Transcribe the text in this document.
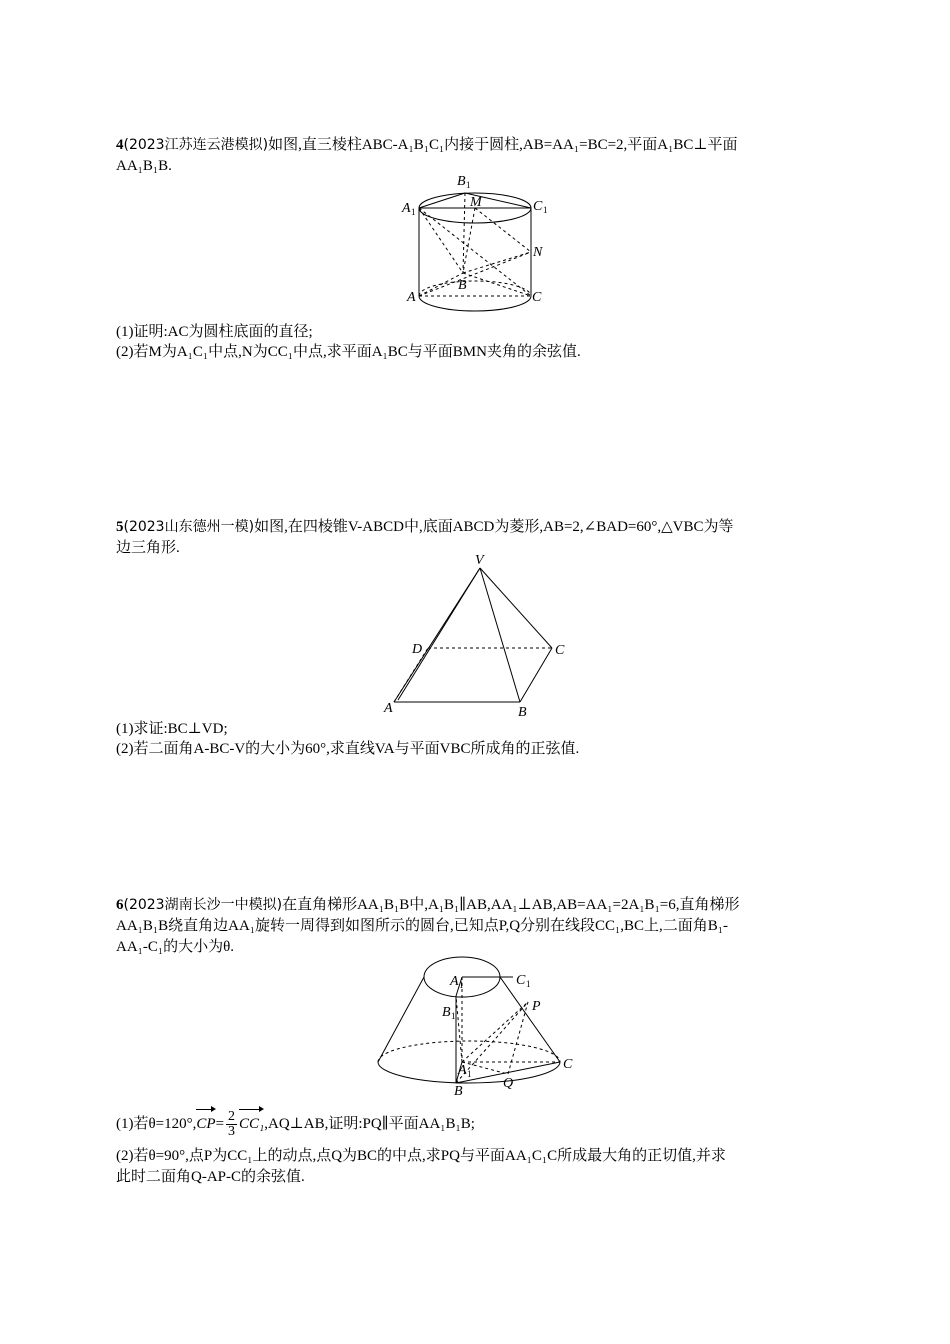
4(2023江苏连云港模拟)如图,直三棱柱ABC-A₁B₁C₁内接于圆柱,AB=AA₁=BC=2,平面A₁BC⊥平面
AA₁B₁B.
B 1
A 1
M	C 1
N
A
B
C
(1)证明:AC为圆柱底面的直径;
(2)若M为A₁C₁中点,N为CC₁中点,求平面A₁BC与平面BMN夹角的余弦值.
5(2023山东德州一模)如图,在四棱锥V-ABCD中,底面ABCD为菱形,AB=2,∠BAD=60°,△VBC为等
边三角形.
V
D	C
A	B
(1)求证:BC⊥VD;
(2)若二面角A-BC-V的大小为60°,求直线VA与平面VBC所成角的正弦值.
6(2023湖南长沙一中模拟)在直角梯形AA₁B₁B中,A₁B₁∥AB,AA₁⊥AB,AB=AA₁=2A₁B₁=6,直角梯形
AA₁B₁B绕直角边AA₁旋转一周得到如图所示的圆台,已知点P,Q分别在线段CC₁,BC上,二面角B₁-
AA₁-C₁的大小为θ.
A 1	C 1
B 1
P
A 1
C
B
Q
(1)若$\theta=120^\circ,CP= \frac{2}{3}$ CC₁,AQ⊥AB,证明:PQ∥平面AA₁B₁B;
(2)若θ=90°,点P为CC₁上的动点,点Q为BC的中点,求PQ与平面AA₁C₁C所成最大角的正切值,并求
此时二面角Q-AP-C的余弦值.
